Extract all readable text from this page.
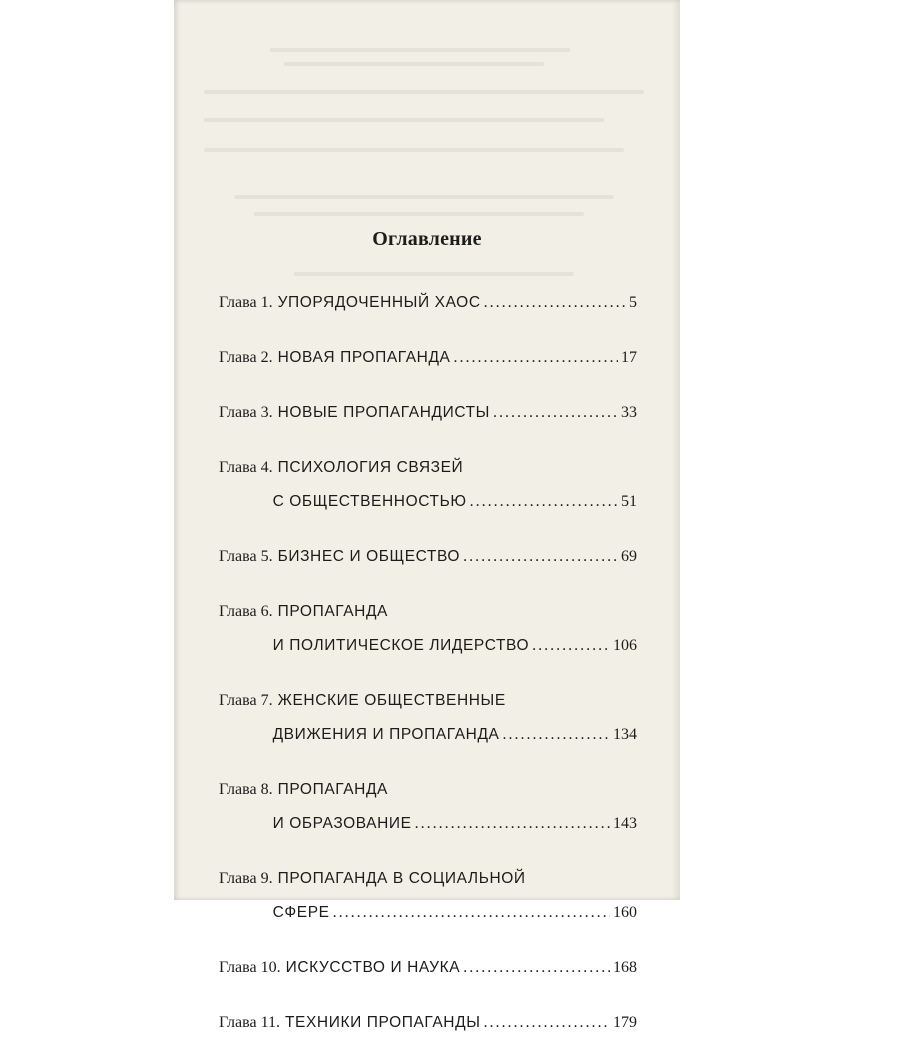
Оглавление
Глава 1. УПОРЯДОЧЕННЫЙ ХАОС . . .	5
Глава 2. НОВАЯ ПРОПАГАНДА . . .	17
Глава 3. НОВЫЕ ПРОПАГАНДИСТЫ . . .	33
Глава 4. ПСИХОЛОГИЯ СВЯЗЕЙ
С ОБЩЕСТВЕННОСТЬЮ . . .	51
Глава 5. БИЗНЕС И ОБЩЕСТВО . . .	69
Глава 6. ПРОПАГАНДА
И ПОЛИТИЧЕСКОЕ ЛИДЕРСТВО . . .	106
Глава 7. ЖЕНСКИЕ ОБЩЕСТВЕННЫЕ
ДВИЖЕНИЯ И ПРОПАГАНДА . . .	134
Глава 8. ПРОПАГАНДА
И ОБРАЗОВАНИЕ . . .	143
Глава 9. ПРОПАГАНДА В СОЦИАЛЬНОЙ
СФЕРЕ . . .	160
Глава 10. ИСКУССТВО И НАУКА . . .	168
Глава 11. ТЕХНИКИ ПРОПАГАНДЫ . . .	179
